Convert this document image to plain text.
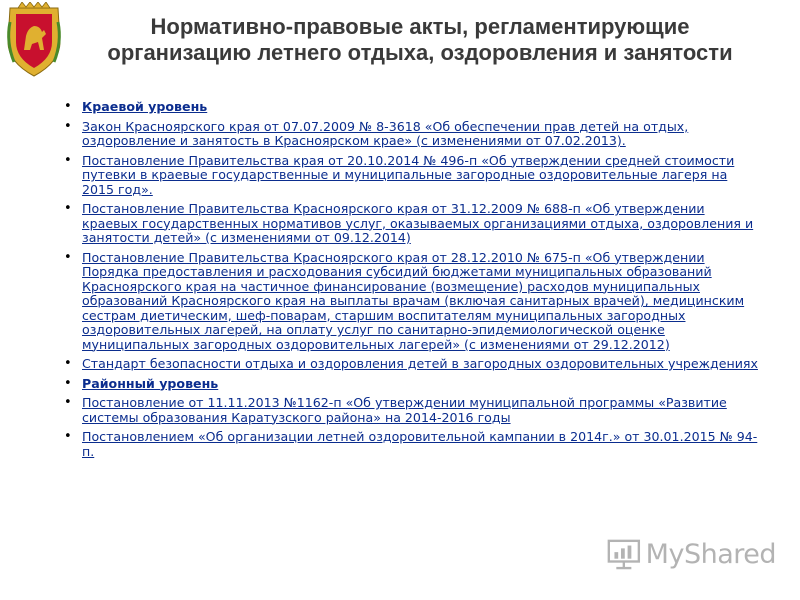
Нормативно-правовые акты, регламентирующие организацию летнего отдыха, оздоровления и занятости
• Краевой уровень
• Закон Красноярского края от 07.07.2009 № 8-3618 «Об обеспечении прав детей на отдых, оздоровление и занятость в Красноярском крае» (с изменениями от 07.02.2013).
• Постановление Правительства края от 20.10.2014 № 496-п «Об утверждении средней стоимости путевки в краевые государственные и муниципальные загородные оздоровительные лагеря на 2015 год».
• Постановление Правительства Красноярского края от 31.12.2009 № 688-п «Об утверждении краевых государственных нормативов услуг, оказываемых организациями отдыха, оздоровления и занятости детей» (с изменениями от 09.12.2014)
• Постановление Правительства Красноярского края от 28.12.2010 № 675-п «Об утверждении Порядка предоставления и расходования субсидий бюджетами муниципальных образований Красноярского края на частичное финансирование (возмещение) расходов муниципальных образований Красноярского края на выплаты врачам (включая санитарных врачей), медицинским сестрам диетическим, шеф-поварам, старшим воспитателям муниципальных загородных оздоровительных лагерей, на оплату услуг по санитарно-эпидемиологической оценке муниципальных загородных оздоровительных лагерей» (с изменениями от 29.12.2012)
• Стандарт безопасности отдыха и оздоровления детей в загородных оздоровительных учреждениях
• Районный уровень
• Постановление от 11.11.2013 №1162-п «Об утверждении муниципальной программы «Развитие системы образования Каратузского района» на 2014-2016 годы
• Постановлением «Об организации летней оздоровительной кампании в 2014г.» от 30.01.2015 № 94-п.
MyShared
